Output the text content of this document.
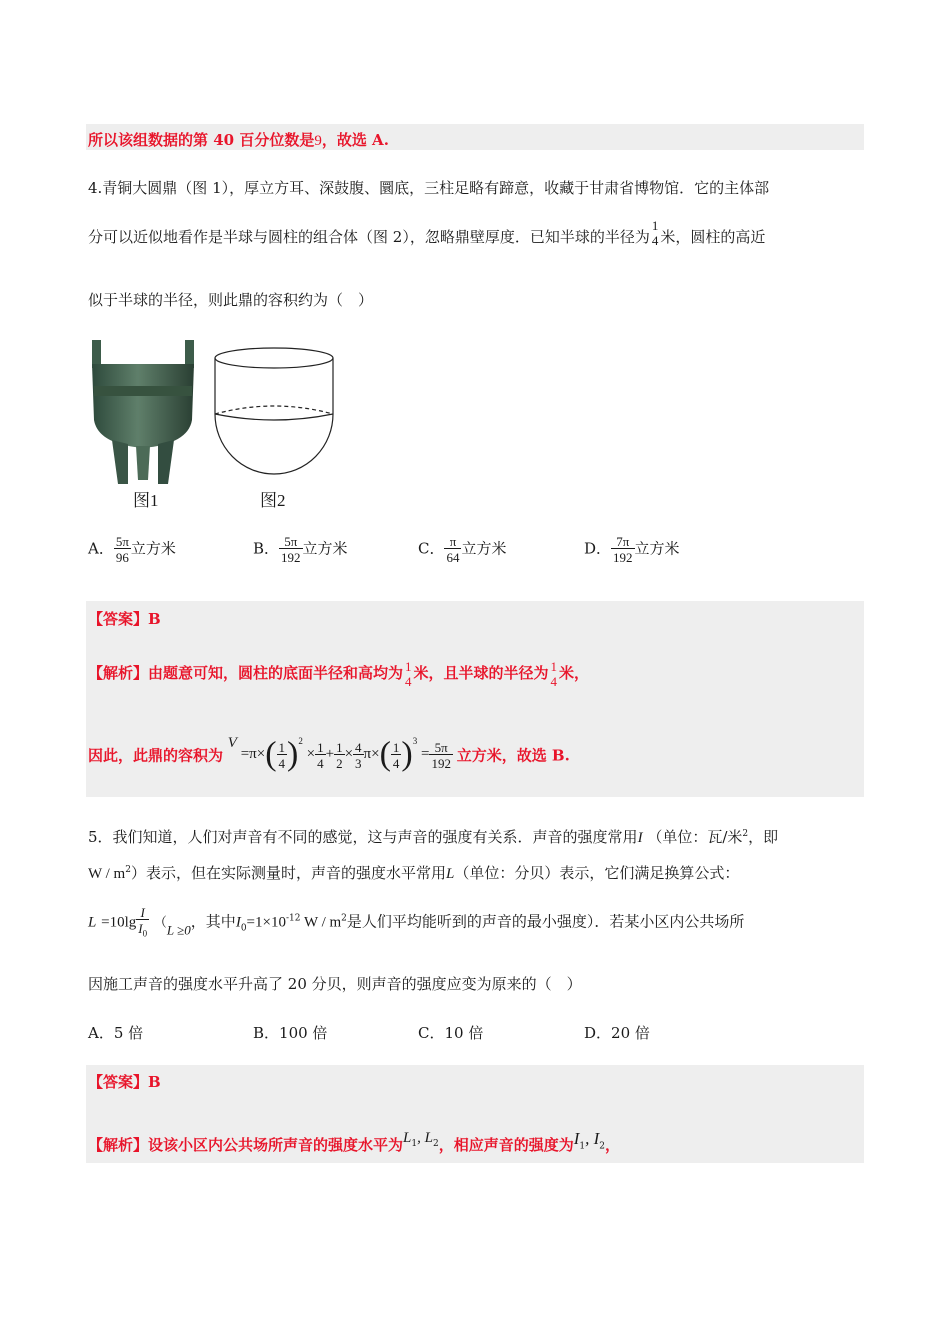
所以该组数据的第 40 百分位数是9，故选 A.
4.青铜大圆鼎（图 1），厚立方耳、深鼓腹、圜底，三柱足略有蹄意，收藏于甘肃省博物馆．它的主体部
分可以近似地看作是半球与圆柱的组合体（图 2），忽略鼎壁厚度．已知半球的半径为
1
4 米，圆柱的高近
似于半球的半径，则此鼎的容积约为（　）
图1	图2
A． $\frac{5\pi}{96}$ 立方米	B． $\frac{5\pi}{192}$ 立方米	C． $\frac{\pi}{64}$ 立方米	D． $\frac{7\pi}{192}$ 立方米
【答案】B
【解析】由题意可知，圆柱的底面半径和高均为 1
4 米，且半球的半径为 1
4 米，
因此，此鼎的容积为 $V =\pi\times( \frac{1}{4} )^2 \times \frac{1}{4} + \frac{1}{2} \times \frac{4}{3} \pi\times( \frac{1}{4} )^3 = \frac{5\pi}{192}$ 立方米，故选 B.
5．我们知道，人们对声音有不同的感觉，这与声音的强度有关系．声音的强度常用I （单位：瓦/米$^2$，即
W / $m^2$）表示，但在实际测量时，声音的强度水平常用L（单位：分贝）表示，它们满足换算公式：
$L =10\lg \frac{I}{I_0} (L \ge 0$，其中$I_0=1\times 10^{-12}$ W / $m^2$是人们平均能听到的声音的最小强度）．若某小区内公共场所
因施工声音的强度水平升高了 20 分贝，则声音的强度应变为原来的（　）
A．5 倍	B．100 倍	C．10 倍	D．20 倍
【答案】B
【解析】设该小区内公共场所声音的强度水平为$L_1$, $L_2$，相应声音的强度为$I_1$, $I_2$，
